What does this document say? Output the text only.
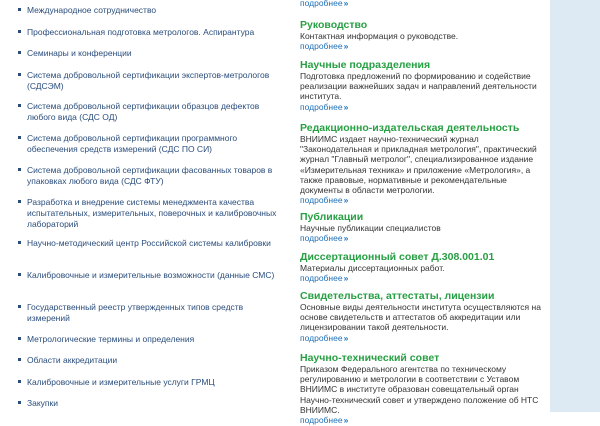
Международное сотрудничество
Профессиональная подготовка метрологов. Аспирантура
Семинары и конференции
Система добровольной сертификации экспертов-метрологов (СДСЭМ)
Система добровольной сертификации образцов дефектов любого вида (СДС ОД)
Система добровольной сертификации программного обеспечения средств измерений (СДС ПО СИ)
Система добровольной сертификации фасованных товаров в упаковках любого вида (СДС ФТУ)
Разработка и внедрение системы менеджмента качества испытательных, измерительных, поверочных и калибровочных лабораторий
Научно-методический центр Российской системы калибровки
Калибровочные и измерительные возможности (данные СМС)
Государственный реестр утвержденных типов средств измерений
Метрологические термины и определения
Области аккредитации
Калибровочные и измерительные услуги ГРМЦ
Закупки
подробнее»
Руководство
Контактная информация о руководстве.
подробнее»
Научные подразделения
Подготовка предложений по формированию и содействие реализации важнейших задач и направлений деятельности института.
подробнее»
Редакционно-издательская деятельность
ВНИИМС издает научно-технический журнал "Законодательная и прикладная метрология", практический журнал "Главный метролог", специализированное издание «Измерительная техника» и приложение «Метрология», а также правовые, нормативные и рекомендательные документы в области метрологии.
подробнее»
Публикации
Научные публикации специалистов
подробнее»
Диссертационный совет Д.308.001.01
Материалы диссертационных работ.
подробнее»
Свидетельства, аттестаты, лицензии
Основные виды деятельности института осуществляются на основе свидетельств и аттестатов об аккредитации или лицензировании такой деятельности.
подробнее»
Научно-технический совет
Приказом Федерального агентства по техническому регулированию и метрологии в соответствии с Уставом ВНИИМС в институте образован совещательный орган Научно-технический совет и утверждено положение об НТС ВНИИМС.
подробнее»
